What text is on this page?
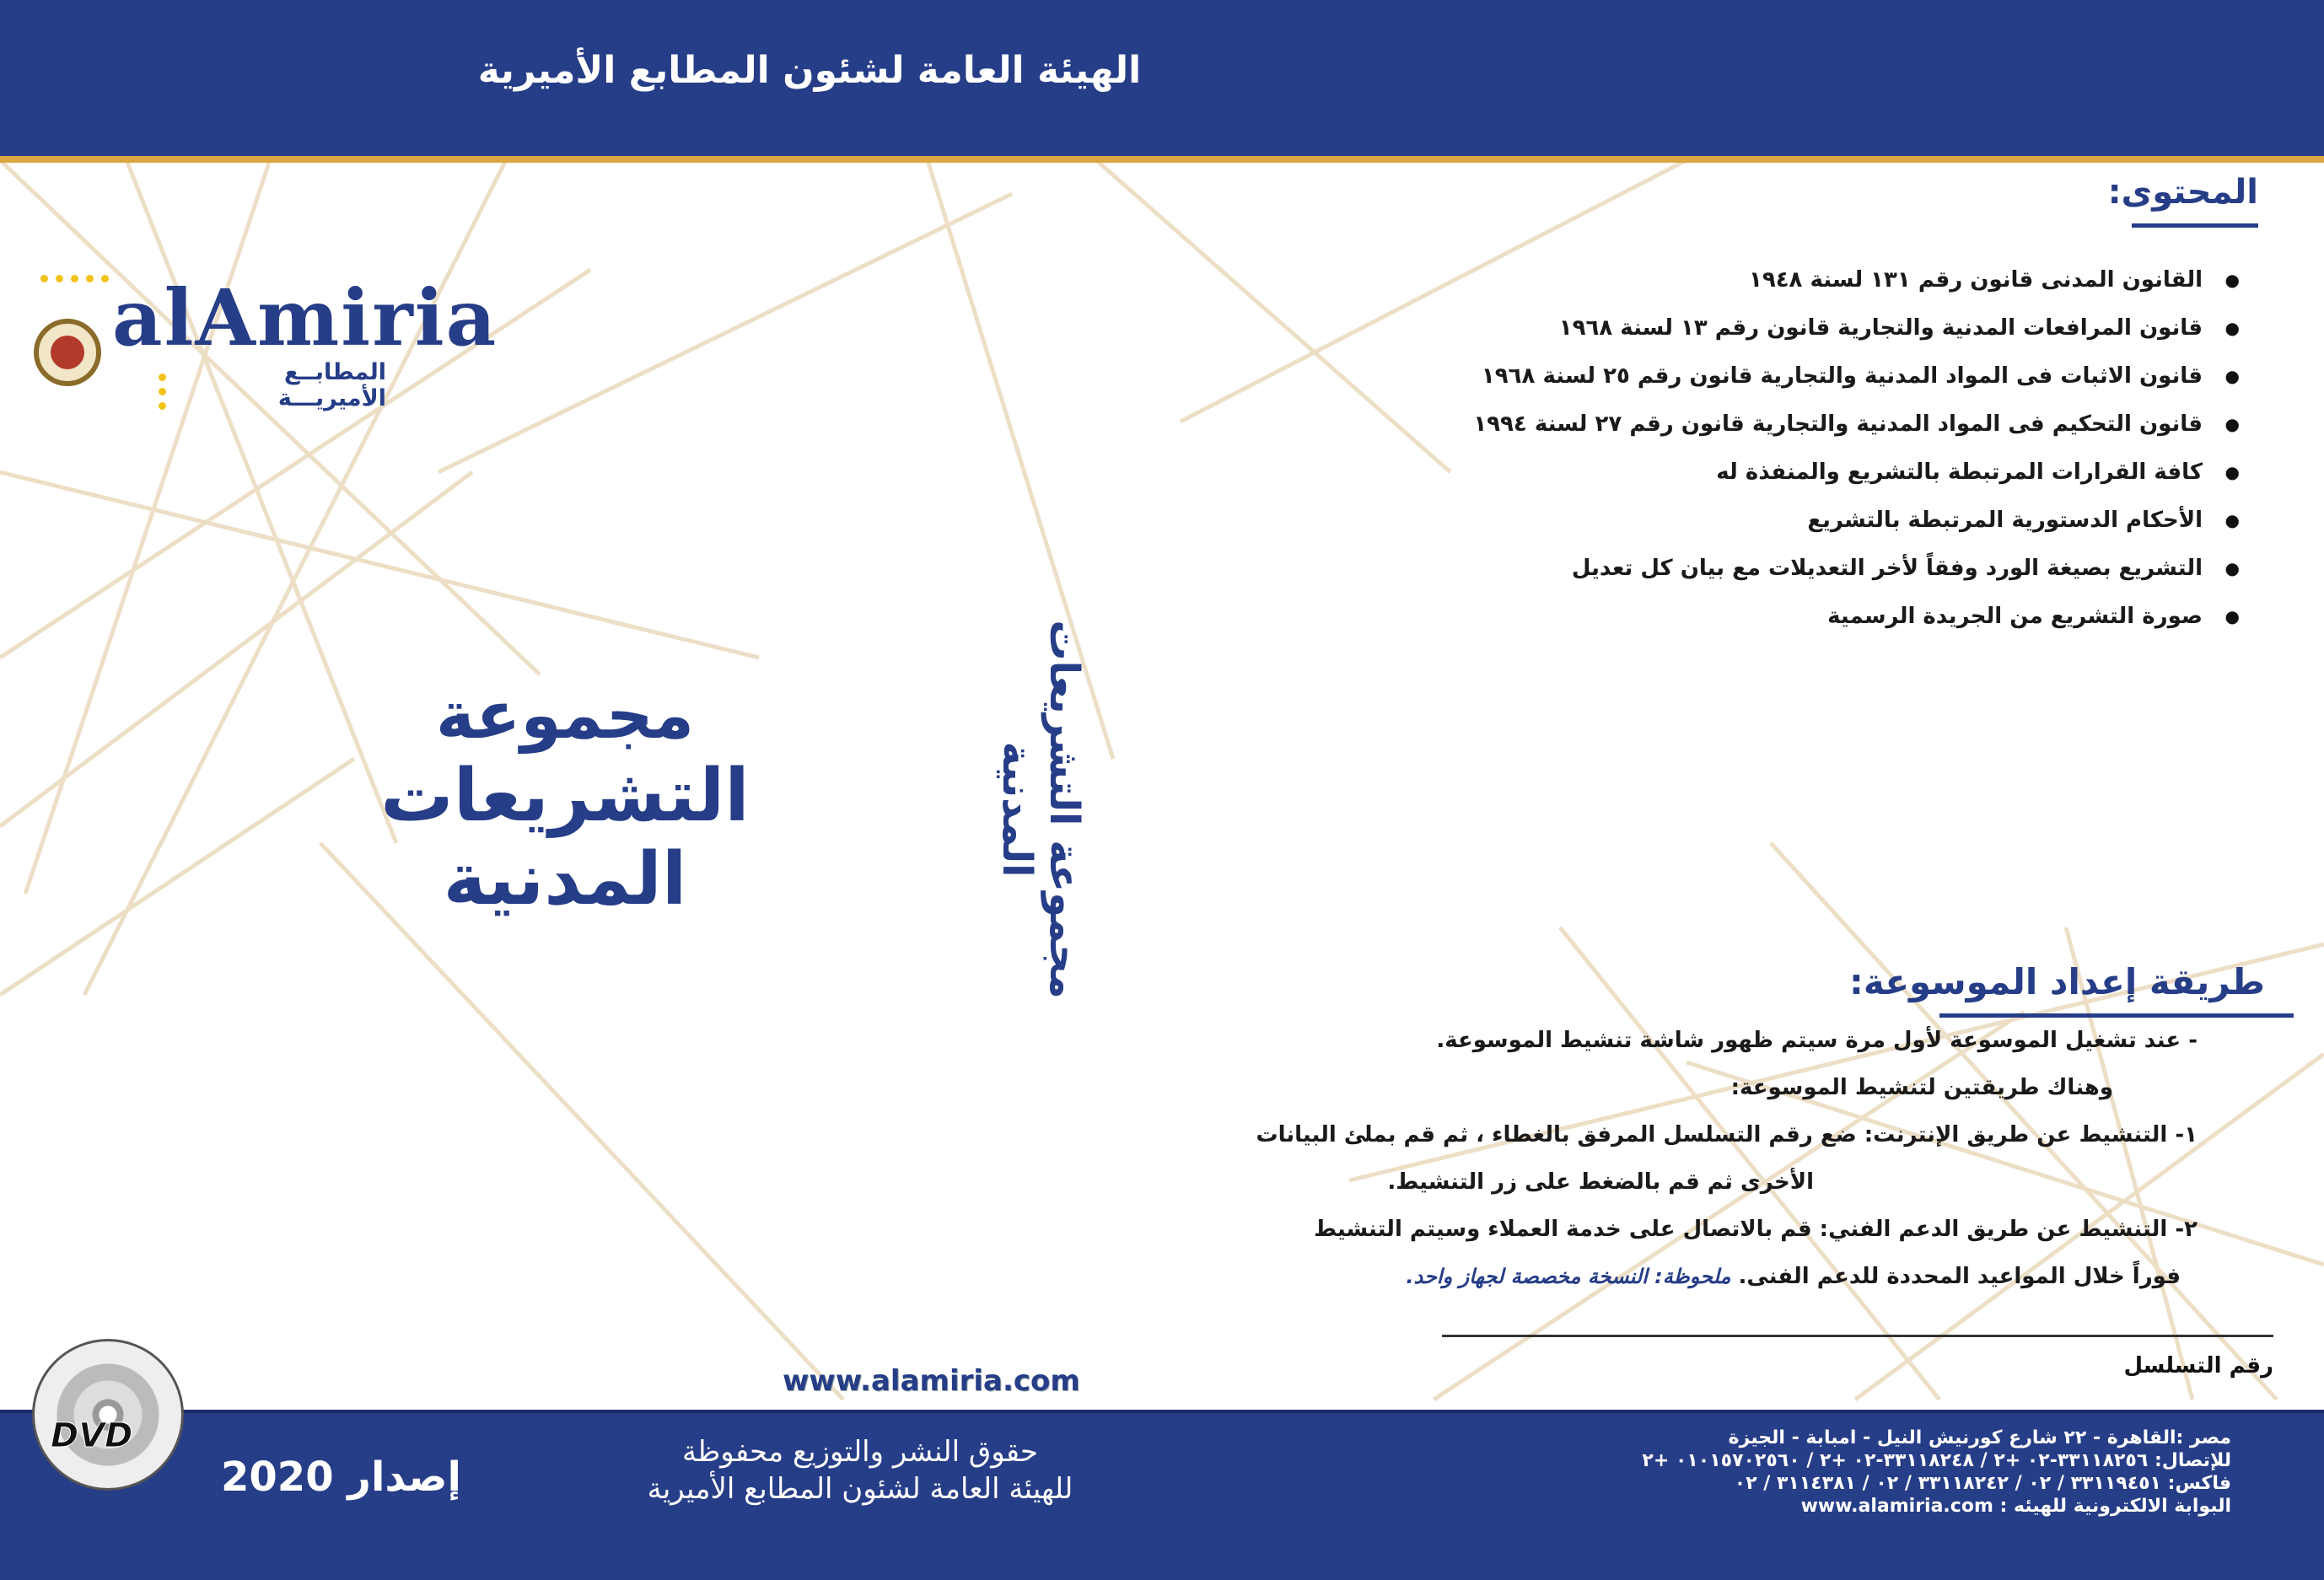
الهيئة العامة لشئون المطابع الأميرية
alAmiria
المطابــع الأميريـــة
مجموعة
التشريعات المدنية	مجموعة التشريعات المدنية
المحتوى:
● القانون المدنى قانون رقم ١٣١ لسنة ١٩٤٨
● قانون المرافعات المدنية والتجارية قانون رقم ١٣ لسنة ١٩٦٨
● قانون الاثبات فى المواد المدنية والتجارية قانون رقم ٢٥ لسنة ١٩٦٨
● قانون التحكيم فى المواد المدنية والتجارية قانون رقم ٢٧ لسنة ١٩٩٤
● كافة القرارات المرتبطة بالتشريع والمنفذة له
● الأحكام الدستورية المرتبطة بالتشريع
● التشريع بصيغة الورد وفقاً لأخر التعديلات مع بيان كل تعديل
● صورة التشريع من الجريدة الرسمية
طريقة إعداد الموسوعة:

- عند تشغيل الموسوعة لأول مرة سيتم ظهور شاشة تنشيط الموسوعة.

وهناك طريقتين لتنشيط الموسوعة:

١- التنشيط عن طريق الإنترنت: ضع رقم التسلسل المرفق بالغطاء ، ثم قم بملئ البيانات

الأخرى ثم قم بالضغط على زر التنشيط.

٢- التنشيط عن طريق الدعم الفني: قم بالاتصال على خدمة العملاء وسيتم التنشيط

فوراً خلال المواعيد المحددة للدعم الفنى. ملحوظة: النسخة مخصصة لجهاز واحد.

رقم التسلسل
www.alamiria.com
DVD
إصدار 2020
حقوق النشر والتوزيع محفوظة
للهيئة العامة لشئون المطابع الأميرية
مصر :القاهرة - ٢٢ شارع كورنيش النيل - امبابة - الجيزة
للإتصال: ٣٣١١٨٢٥٦-٠٢ +٢ / ٣٣١١٨٢٤٨-٠٢ +٢ / ٠١٠١٥٧٠٢٥٦٠ +٢
فاكس: ٣٣١١٩٤٥١ / ٠٢ / ٣٣١١٨٢٤٢ / ٠٢ / ٣١١٤٣٨١ / ٠٢
البوابة الالكترونية للهيئه : www.alamiria.com
